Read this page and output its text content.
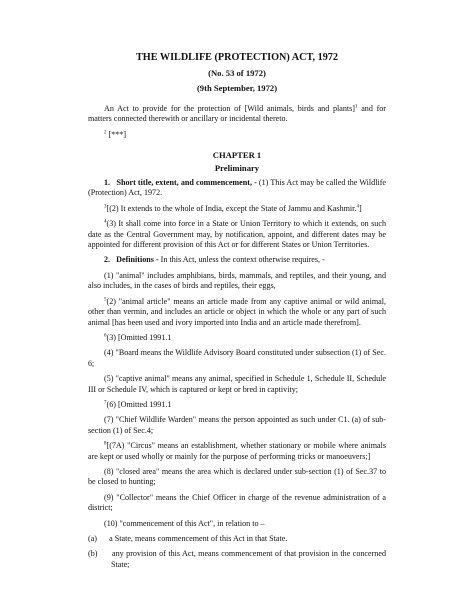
THE WILDLIFE (PROTECTION) ACT, 1972
(No. 53 of 1972)
(9th September, 1972)

An Act to provide for the protection of [Wild animals, birds and plants]$^1$ and for matters connected therewith or ancillary or incidental thereto.

$^2$ [***]

CHAPTER 1
Preliminary

1. Short title, extent, and commencement, - (1) This Act may be called the Wildlife (Protection) Act, 1972.

$^3$[(2) It extends to the whole of India, except the State of Jammu and Kashmir.$^4$]

$^4$(3) It shall come into force in a State or Union Territory to which it extends, on such date as the Central Government may, by notification, appoint, and different dates may be appointed for different provision of this Act or for different States or Union Territories.

2. Definitions - In this Act, unless the context otherwise requires, -

(1) "animal" includes amphibians, birds, mammals, and reptiles, and their young, and also includes, in the cases of birds and reptiles, their eggs,

$^5$(2) "animal article" means an article made from any captive animal or wild animal, other than vermin, and includes an article or object in which the whole or any part of such animal [has been used and ivory imported into India and an article made therefrom].

$^6$(3) [Omitted 1991.1

(4) "Board means the Wildlife Advisory Board constituted under subsection (1) of Sec. 6;

(5) "captive animal" means any animal, specified in Schedule 1, Schedule II, Schedule III or Schedule IV, which is captured or kept or bred in captivity;

$^7$(6) [Omitted 1991.1

(7) "Chief Wildlife Warden" means the person appointed as such under C1. (a) of sub-section (1) of Sec.4;

$^8$[(7A) "Circus" means an establishment, whether stationary or mobile where animals are kept or used wholly or mainly for the purpose of performing tricks or manoeuvers;]

(8) "closed area" means the area which is declared under sub-section (1) of Sec.37 to be closed to hunting;

(9) "Collector" means the Chief Officer in charge of the revenue administration of a district;

(10) "commencement of this Act", in relation to –

(a) a State, means commencement of this Act in that State.

(b) any provision of this Act, means commencement of that provision in the concerned State;
